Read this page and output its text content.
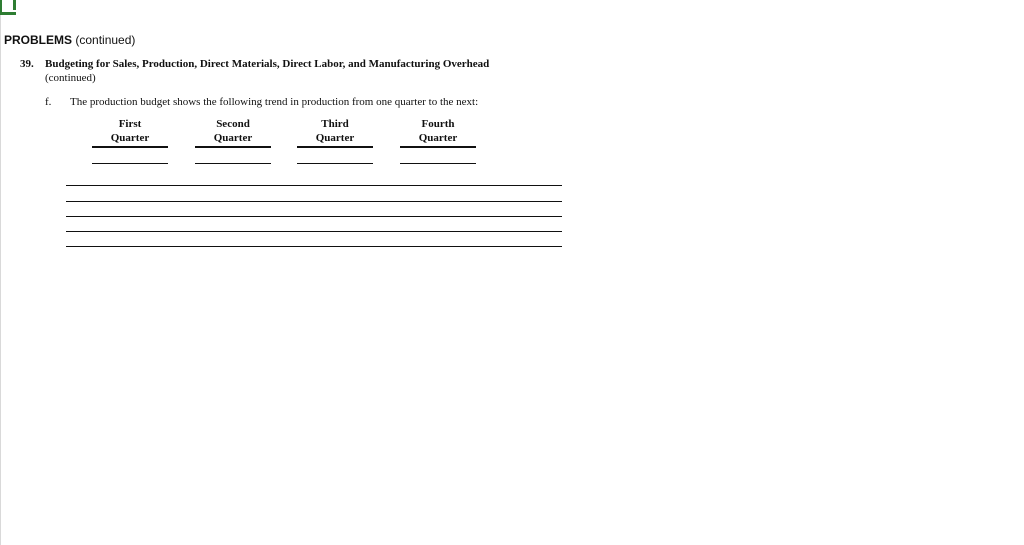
PROBLEMS (continued)
39. Budgeting for Sales, Production, Direct Materials, Direct Labor, and Manufacturing Overhead
(continued)
f. The production budget shows the following trend in production from one quarter to the next:
First
Quarter
Second
Quarter
Third
Quarter
Fourth
Quarter
